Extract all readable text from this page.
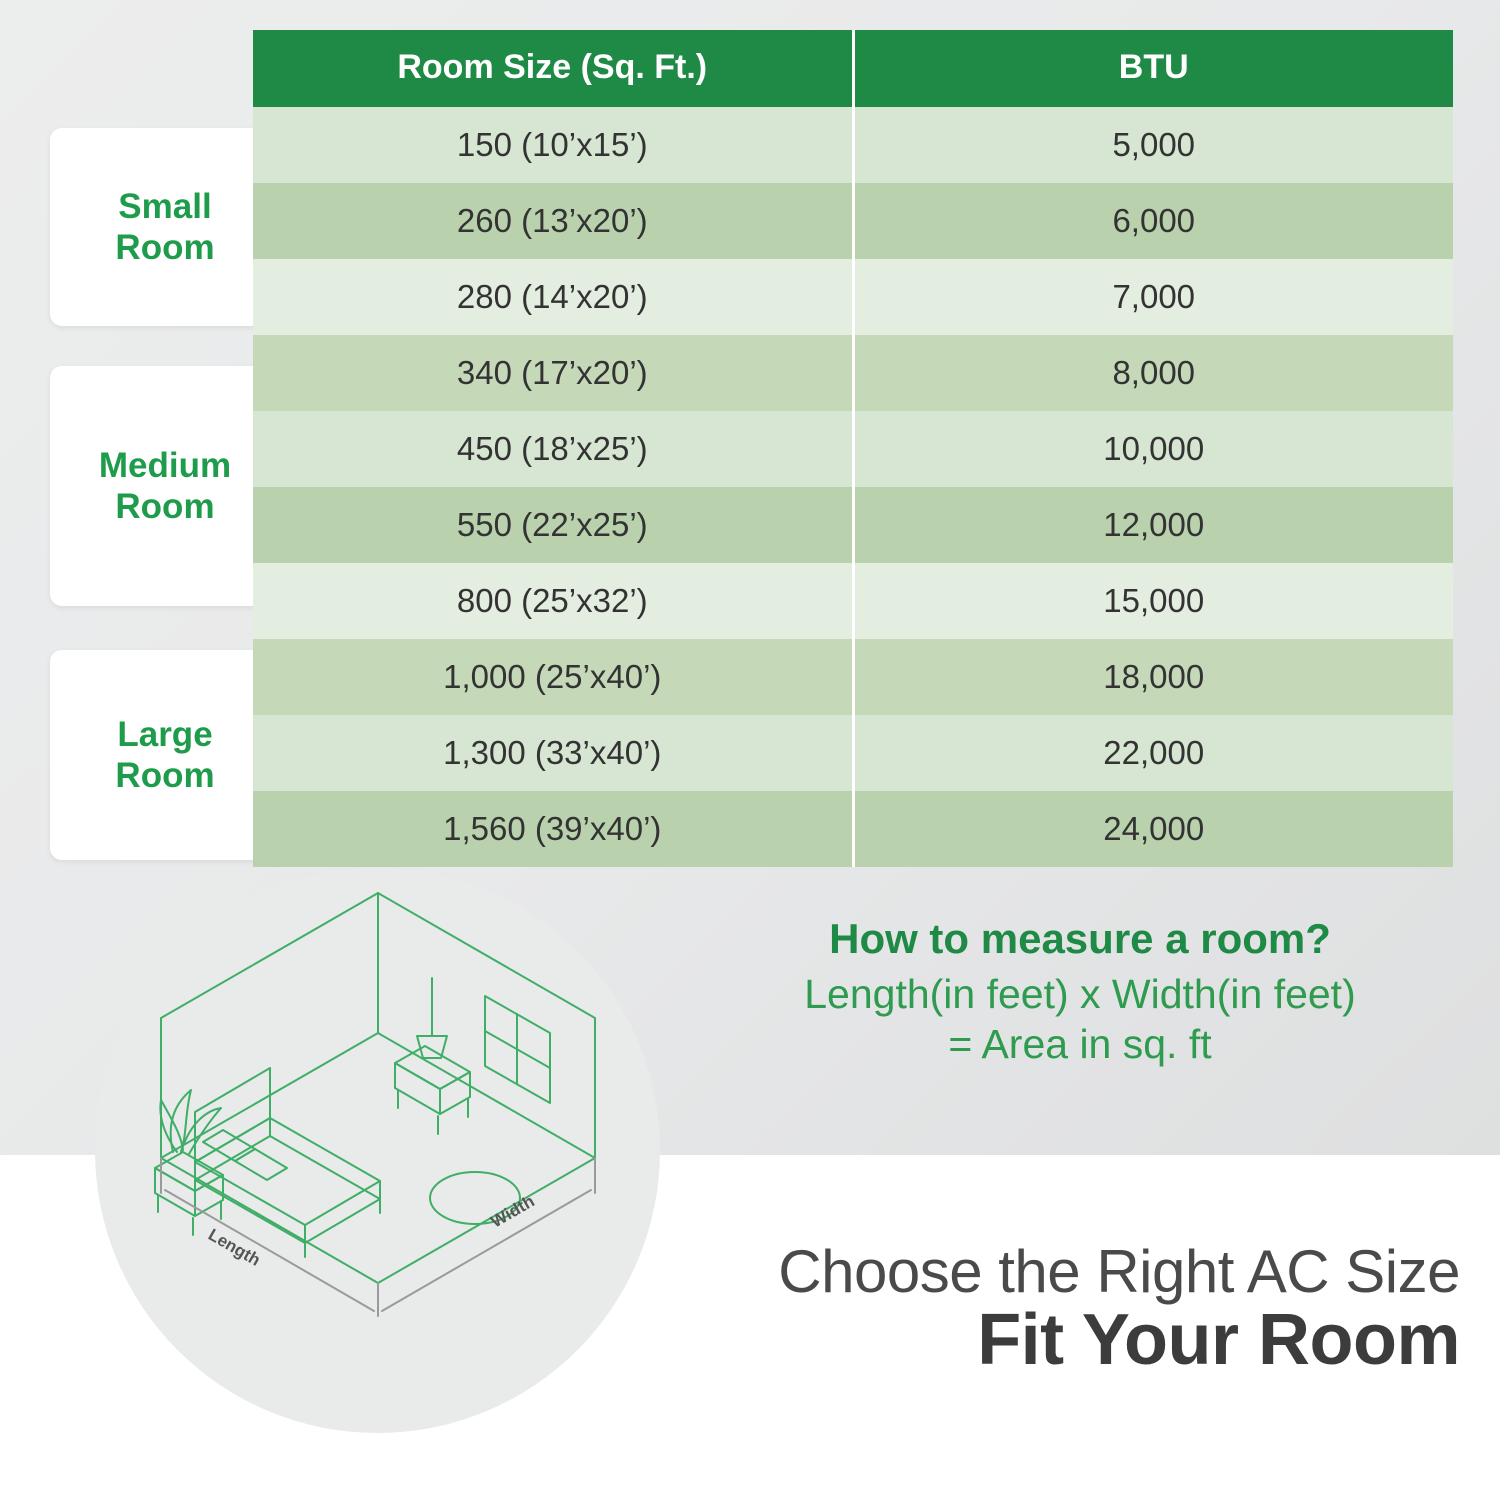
Small
Room
Medium
Room
Large
Room
Room Size (Sq. Ft.)	BTU
150 (10’x15’)	5,000
260 (13’x20’)	6,000
280 (14’x20’)	7,000
340 (17’x20’)	8,000
450 (18’x25’)	10,000
550 (22’x25’)	12,000
800 (25’x32’)	15,000
1,000 (25’x40’)	18,000
1,300 (33’x40’)	22,000
1,560 (39’x40’)	24,000
Length
Width
How to measure a room?
Length(in feet) x Width(in feet)
= Area in sq. ft
Choose the Right AC Size
Fit Your Room
